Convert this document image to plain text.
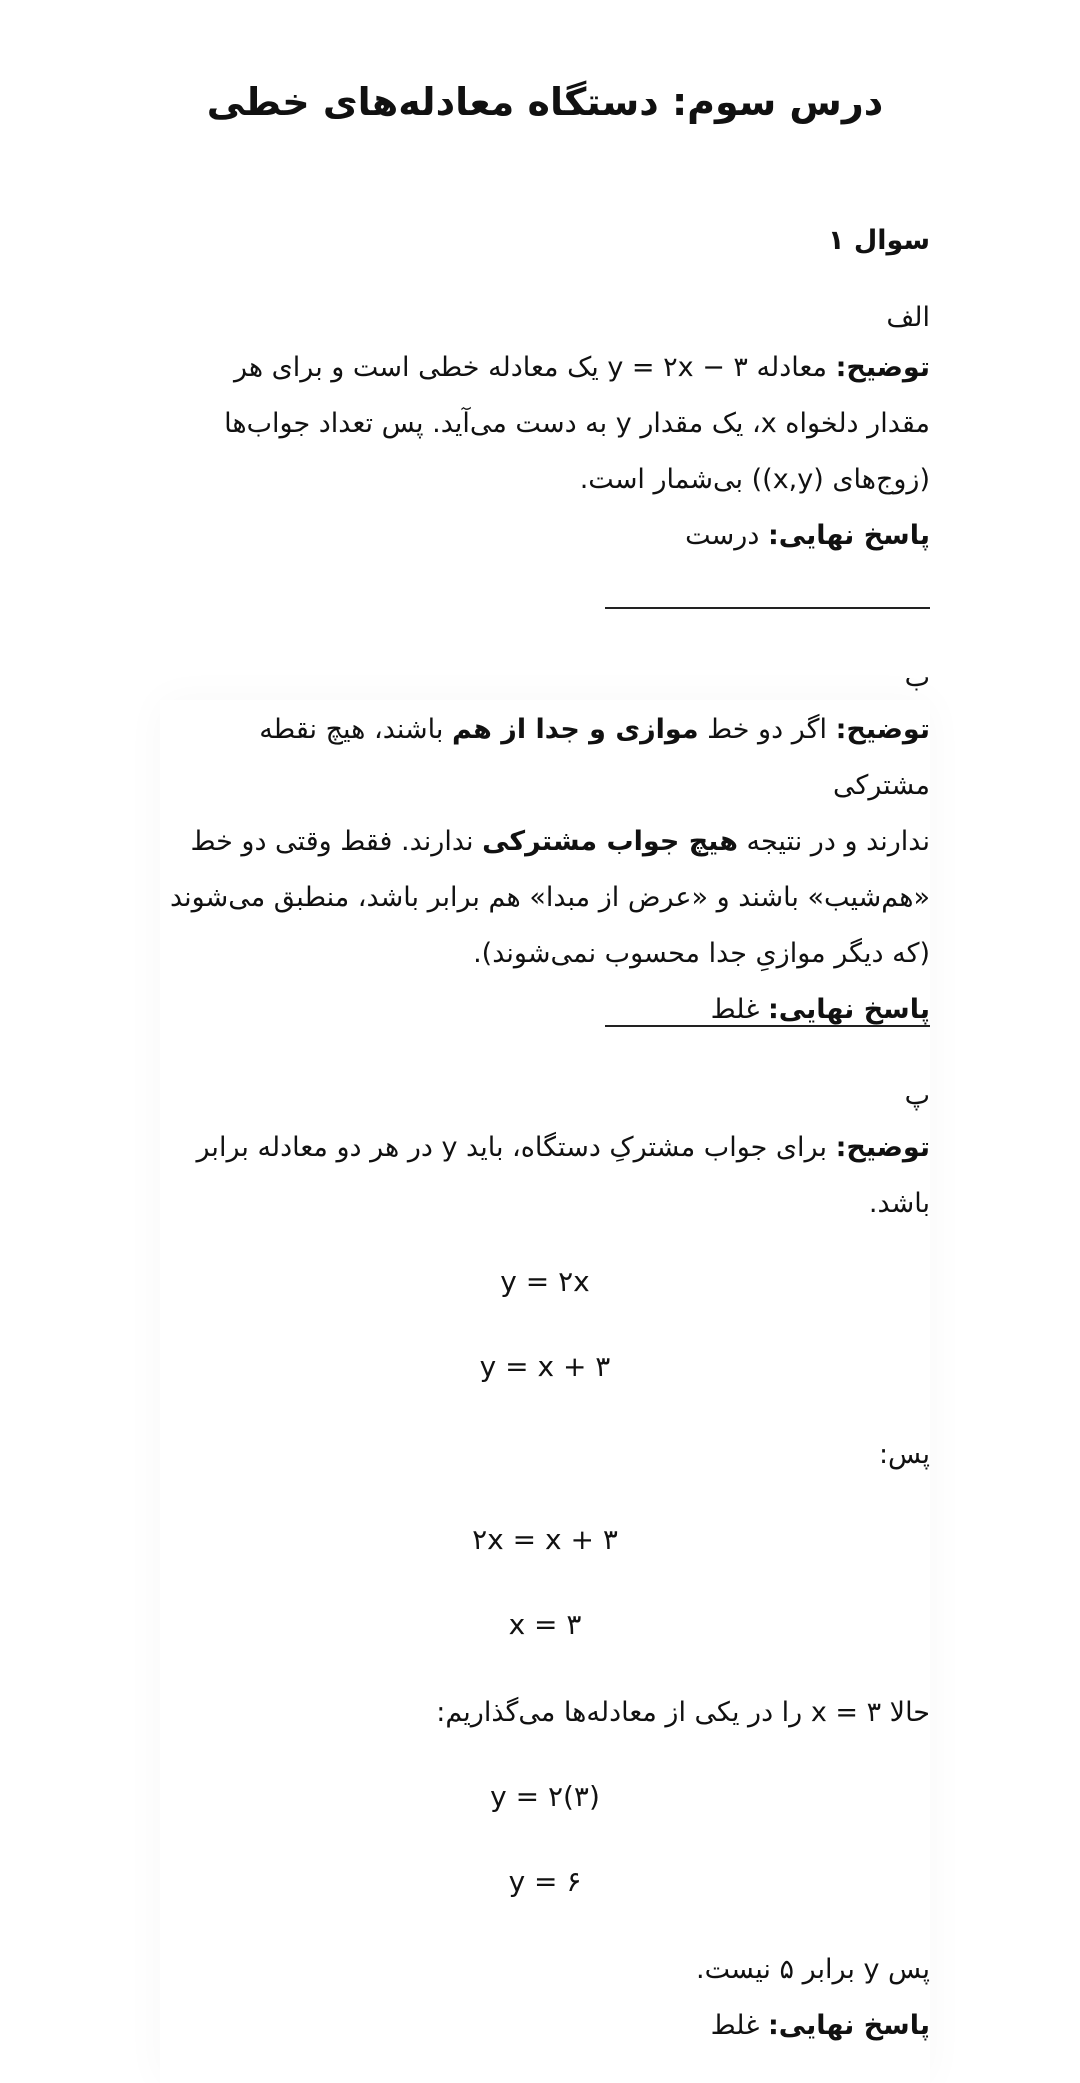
درس سوم: دستگاه معادله‌های خطی
سوال ۱
الف
توضیح: معادله y = ۲x − ۳ یک معادله خطی است و برای هر
مقدار دلخواه x، یک مقدار y به دست می‌آید. پس تعداد جواب‌ها
(زوج‌های (x,y)) بی‌شمار است.
پاسخ نهایی: درست
ب
توضیح: اگر دو خط موازی و جدا از هم باشند، هیچ نقطه مشترکی
ندارند و در نتیجه هیچ جواب مشترکی ندارند. فقط وقتی دو خط
«هم‌شیب» باشند و «عرض از مبدا» هم برابر باشد، منطبق می‌شوند
(که دیگر موازیِ جدا محسوب نمی‌شوند).
پاسخ نهایی: غلط
پ
توضیح: برای جواب مشترکِ دستگاه، باید y در هر دو معادله برابر
باشد.
y = ۲x
y = x + ۳
پس:
۲x = x + ۳
x = ۳
حالا x = ۳ را در یکی از معادله‌ها می‌گذاریم:
y = ۲(۳)
y = ۶
پس y برابر ۵ نیست.
پاسخ نهایی: غلط
